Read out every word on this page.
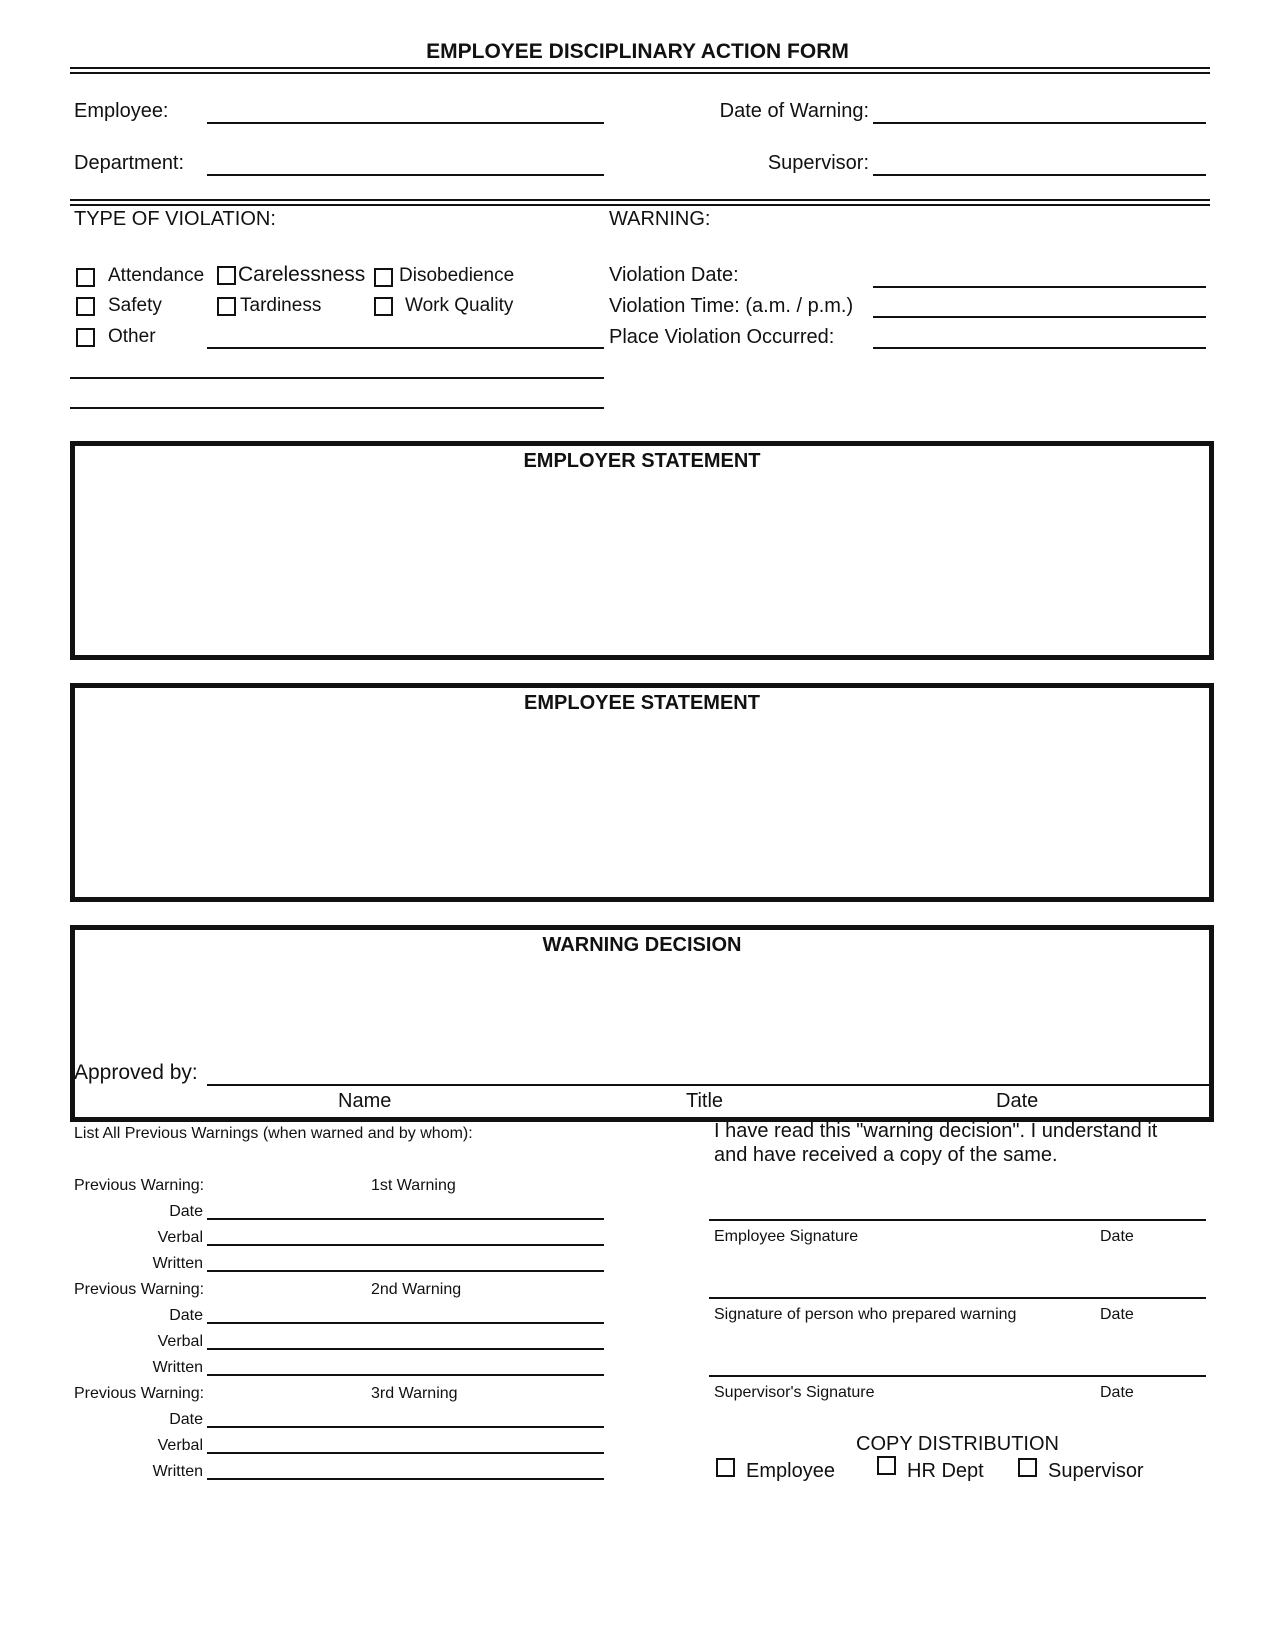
EMPLOYEE DISCIPLINARY ACTION FORM
Employee:
Department:
Date of Warning:
Supervisor:
TYPE OF VIOLATION:
Attendance Carelessness Disobedience
Safety	Tardiness	Work Quality
Other
WARNING:
Violation Date:
Violation Time: (a.m. / p.m.)
Place Violation Occurred:
EMPLOYER STATEMENT
EMPLOYEE STATEMENT
WARNING DECISION
Approved by:
Name	Title	Date
List All Previous Warnings (when warned and by whom):
Previous Warning:	1st Warning
Date
Verbal
Written
Previous Warning:	2nd Warning
Date
Verbal
Written
Previous Warning:	3rd Warning
Date
Verbal
Written
I have read this "warning decision". I understand it
and have received a copy of the same.
Employee Signature	Date
Signature of person who prepared warning	Date
Supervisor's Signature	Date
COPY DISTRIBUTION
Employee	HR Dept	Supervisor
